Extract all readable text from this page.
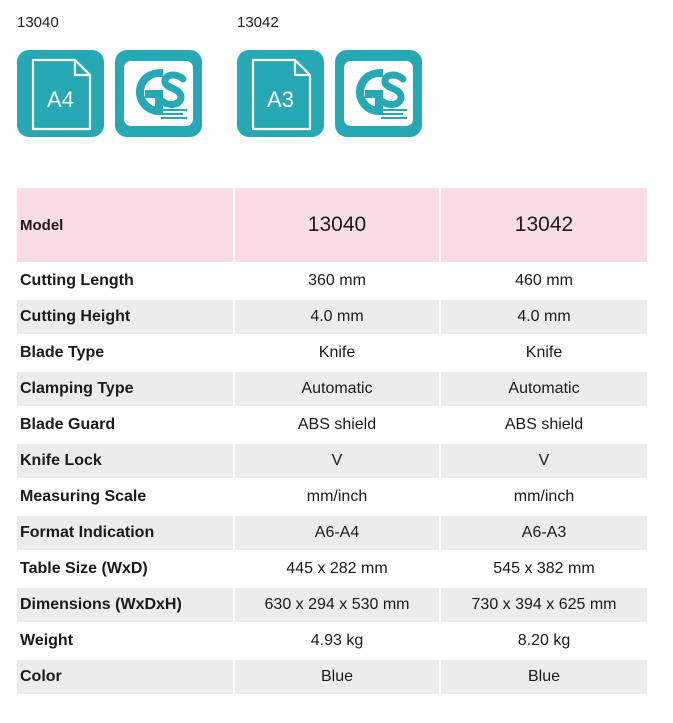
13040
A4
13042
A3
Model	13040	13042
Cutting Length	360 mm	460 mm
Cutting Height	4.0 mm	4.0 mm
Blade Type	Knife	Knife
Clamping Type	Automatic	Automatic
Blade Guard	ABS shield	ABS shield
Knife Lock	V	V
Measuring Scale	mm/inch	mm/inch
Format Indication	A6-A4	A6-A3
Table Size (WxD)	445 x 282 mm	545 x 382 mm
Dimensions (WxDxH)	630 x 294 x 530 mm	730 x 394 x 625 mm
Weight	4.93 kg	8.20 kg
Color	Blue	Blue
